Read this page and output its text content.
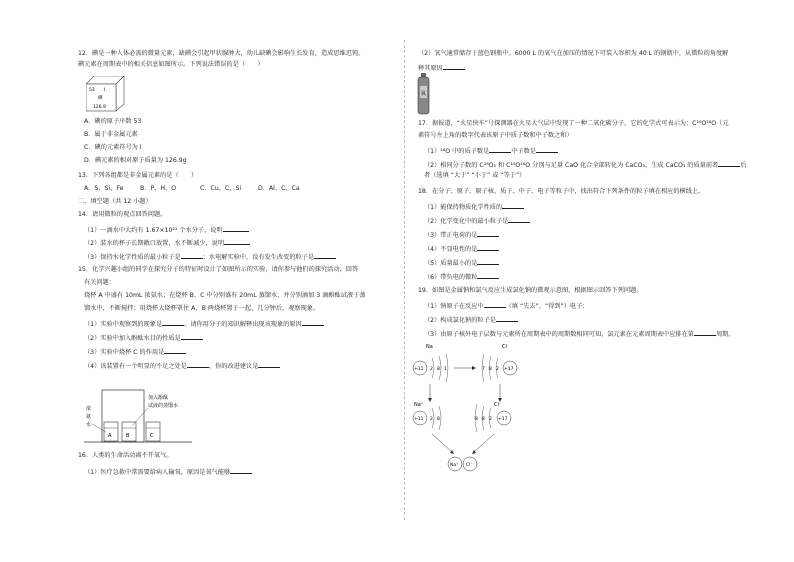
12．碘是一种人体必需的微量元素，缺碘会引起甲状腺肿大，幼儿缺碘会影响生长发育，造成思维迟钝。
碘元素在周期表中的相关信息如图所示。下列说法错误的是（　　）
53 I
碘
126.9
A．碘的原子序数 53
B．属于非金属元素
C．碘的元素符号为 I
D．碘元素的相对原子质量为 126.9g
13．下列各组都是非金属元素的是（　　）
A．S、Si、Fe	B．P、H、O	C．Cu、C、Si	D．Al、C、Ca
二、填空题（共 12 小题）
14．请用微粒的观点回答问题。
（1）一滴水中大约有 1.67×10²¹ 个水分子，说明
（2）装水的杯子长期敞口放置，水不断减少，说明
（3）保持水化学性质的最小粒子是	；水电解实验中，没有发生改变的粒子是
15．化学兴趣小组的同学在探究分子的特征时设计了如图所示的实验，请你参与他们的探究活动，回答
有关问题：
烧杯 A 中盛有 10mL 浓氨水；在烧杯 B、C 中分别盛有 20mL 蒸馏水，并分别滴加 3 滴酚酞试液于蒸
馏水中，不断搅拌；用烧杯大烧杯罩住 A、B 两烧杯置于一起，几分钟后，观察现象。
（1）实验中观察到的现象是	。请你用分子的知识解释出现该现象的原因
（2）实验中加入酚酞水目的性质是
（3）实验中烧杯 C 的作用是
（4）该装置有一个明显的不足之处是	，你的改进建议是
浓
氨
水
加入酚酞
试液的蒸馏水
A	B	C
16．人类的生命活动离不开氧气。
（1）医疗急救中常需要给病人输氧，原因是氧气能够
（2）氧气通常储存于蓝色钢瓶中。6000 L 的氧气在加压的情况下可装入容积为 40 L 的钢瓶中，从微粒的角度解
释其原因
氧
17．据报道，“火星快车”号探测器在火星大气层中发现了一种二氧化碳分子，它的化学式可表示为：C¹⁶O¹⁸O（元
素符号左上角的数字代表该原子中质子数和中子数之和）
（1）¹⁸O 中的质子数是	中子数是
（2）相同分子数的 C¹⁶O₂ 和 C¹⁶O¹⁸O 分别与足量 CaO 化合全部转化为 CaCO₃，生成 CaCO₃ 的质量前者	后
者（选填 “大于” “小于” 或 “等于”）
18．在分子、原子、原子核、质子、中子、电子等粒子中，找出符合下列条件的粒子填在相应的横线上。
（1）能保持物质化学性质的
（2）化学变化中的最小粒子是
（3）带正电荷的是
（4）不显电性的是
（5）质量最小的是
（6）带负电的微粒
19．如图是金属钠和氯气反应生成氯化钠的微观示意图，根据图示回答下列问题。
（1）钠原子在反应中	（填 “失去”、“得到”）电子；
（2）构成氯化钠的粒子是
（3）由原子核外电子层数与元素所在周期表中的周期数相同可知，氯元素在元素周期表中应排在第	周期。
Na
+11 2 8 1
Cl
7 8 2 +17
Na⁺
+11 2 8
Cl⁻
8 8 2 +17
Na⁺ Cl⁻
